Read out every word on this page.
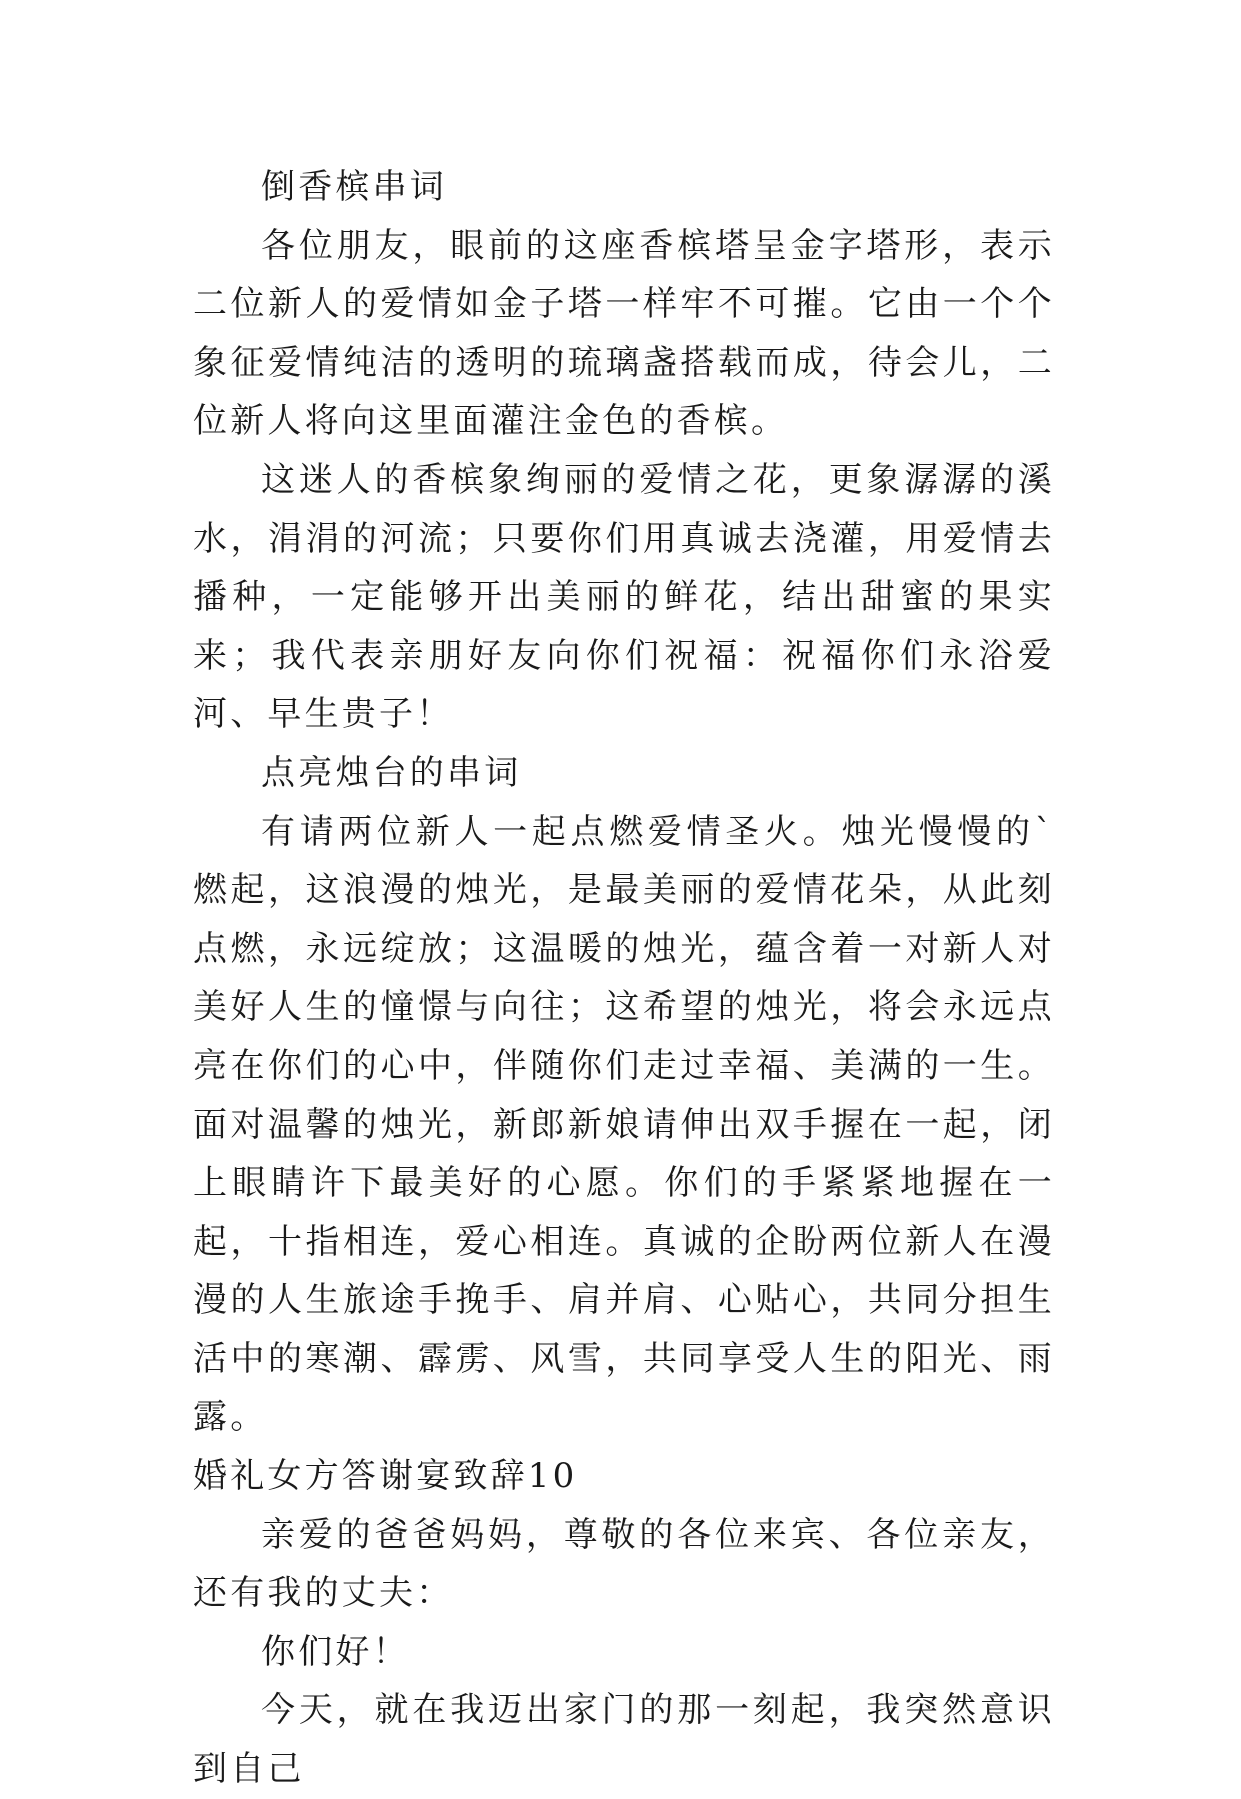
倒香槟串词

各位朋友，眼前的这座香槟塔呈金字塔形，表示二位新人的爱情如金子塔一样牢不可摧。它由一个个象征爱情纯洁的透明的琉璃盏搭载而成，待会儿，二位新人将向这里面灌注金色的香槟。

这迷人的香槟象绚丽的爱情之花，更象潺潺的溪水，涓涓的河流；只要你们用真诚去浇灌，用爱情去播种，一定能够开出美丽的鲜花，结出甜蜜的果实来；我代表亲朋好友向你们祝福：祝福你们永浴爱河、早生贵子！

点亮烛台的串词

有请两位新人一起点燃爱情圣火。烛光慢慢的`燃起，这浪漫的烛光，是最美丽的爱情花朵，从此刻点燃，永远绽放；这温暖的烛光，蕴含着一对新人对美好人生的憧憬与向往；这希望的烛光，将会永远点亮在你们的心中，伴随你们走过幸福、美满的一生。面对温馨的烛光，新郎新娘请伸出双手握在一起，闭上眼睛许下最美好的心愿。你们的手紧紧地握在一起，十指相连，爱心相连。真诚的企盼两位新人在漫漫的人生旅途手挽手、肩并肩、心贴心，共同分担生活中的寒潮、霹雳、风雪，共同享受人生的阳光、雨露。

婚礼女方答谢宴致辞10

亲爱的爸爸妈妈，尊敬的各位来宾、各位亲友，还有我的丈夫：

你们好！

今天，就在我迈出家门的那一刻起，我突然意识到自己
